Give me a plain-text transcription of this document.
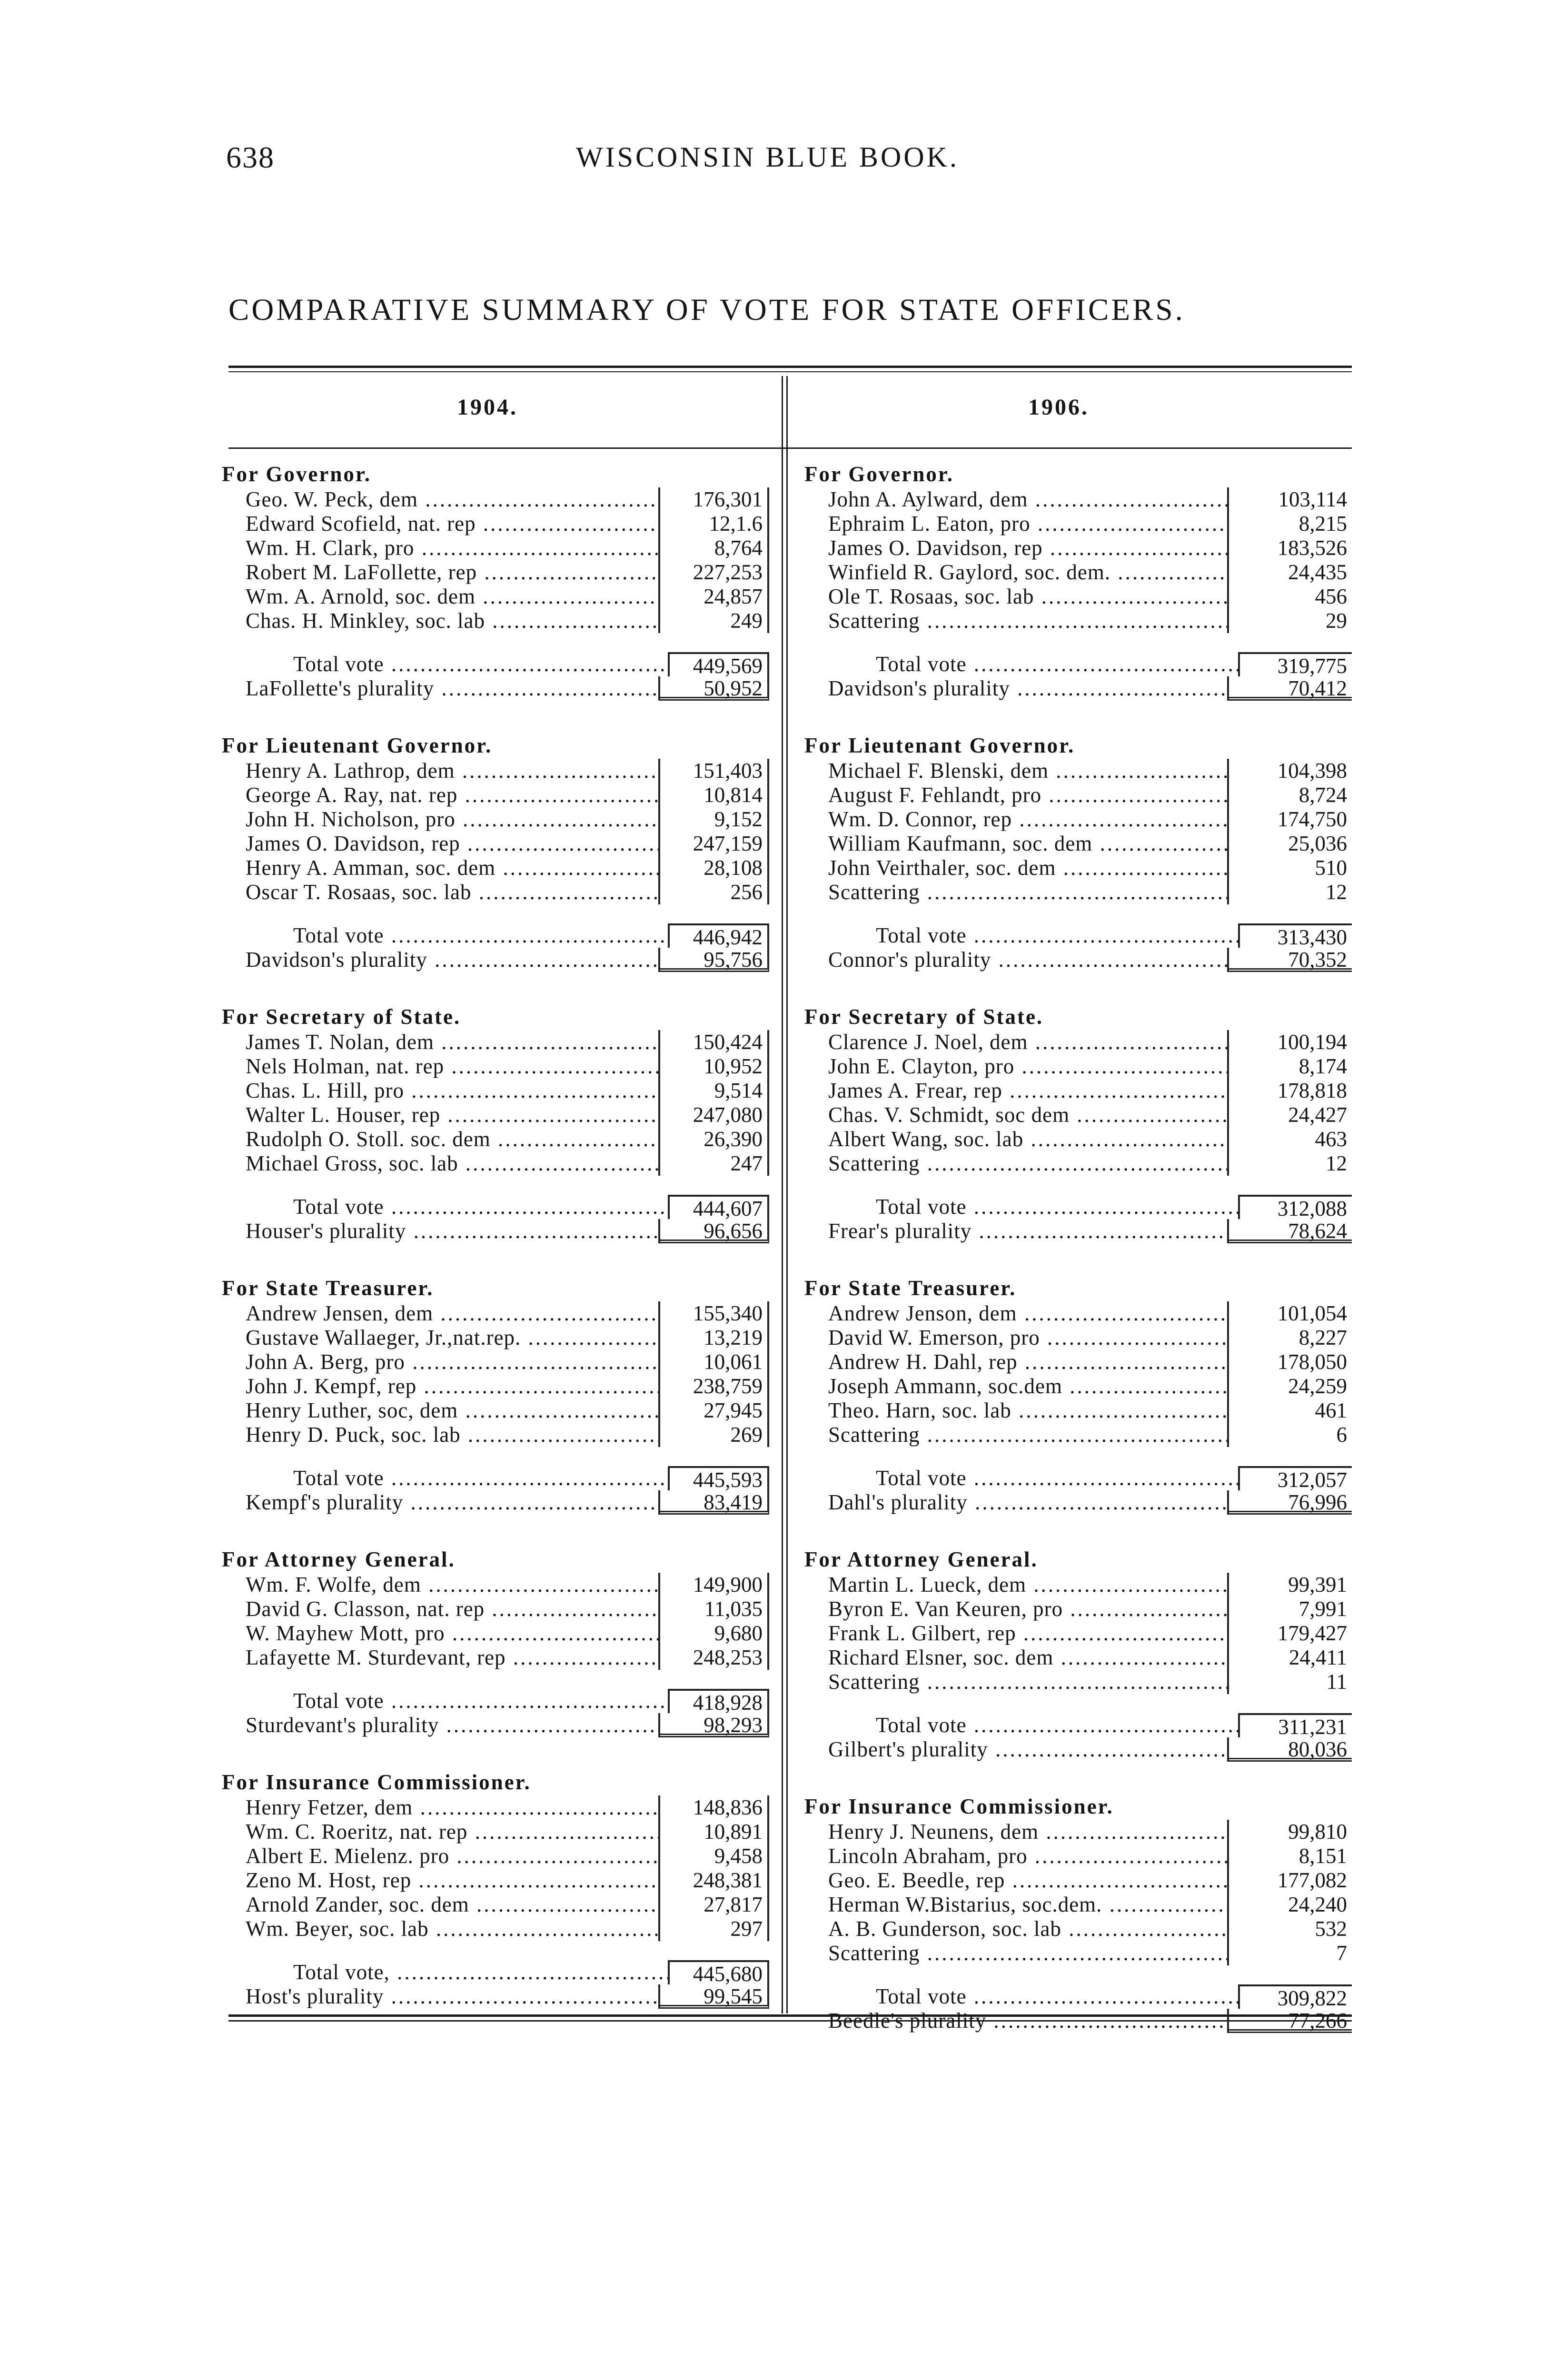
638	WISCONSIN BLUE BOOK.
COMPARATIVE SUMMARY OF VOTE FOR STATE OFFICERS.
1904.	1906.
For Governor.
Geo. W. Peck, dem .....	176,301
Edward Scofield, nat. rep .....	12,1.6
Wm. H. Clark, pro .....	8,764
Robert M. LaFollette, rep .....	227,253
Wm. A. Arnold, soc. dem .....	24,857
Chas. H. Minkley, soc. lab .....	249
Total vote .....	449,569
LaFollette's plurality .....	50,952
For Lieutenant Governor.
Henry A. Lathrop, dem .....	151,403
George A. Ray, nat. rep .....	10,814
John H. Nicholson, pro .....	9,152
James O. Davidson, rep .....	247,159
Henry A. Amman, soc. dem .....	28,108
Oscar T. Rosaas, soc. lab .....	256
Total vote .....	446,942
Davidson's plurality .....	95,756
For Secretary of State.
James T. Nolan, dem .....	150,424
Nels Holman, nat. rep .....	10,952
Chas. L. Hill, pro .....	9,514
Walter L. Houser, rep .....	247,080
Rudolph O. Stoll. soc. dem .....	26,390
Michael Gross, soc. lab .....	247
Total vote .....	444,607
Houser's plurality .....	96,656
For State Treasurer.
Andrew Jensen, dem .....	155,340
Gustave Wallaeger, Jr.,nat.rep. .....	13,219
John A. Berg, pro .....	10,061
John J. Kempf, rep .....	238,759
Henry Luther, soc, dem .....	27,945
Henry D. Puck, soc. lab .....	269
Total vote .....	445,593
Kempf's plurality .....	83,419
For Attorney General.
Wm. F. Wolfe, dem .....	149,900
David G. Classon, nat. rep .....	11,035
W. Mayhew Mott, pro .....	9,680
Lafayette M. Sturdevant, rep .....	248,253
Total vote .....	418,928
Sturdevant's plurality .....	98,293
For Insurance Commissioner.
Henry Fetzer, dem .....	148,836
Wm. C. Roeritz, nat. rep .....	10,891
Albert E. Mielenz. pro .....	9,458
Zeno M. Host, rep .....	248,381
Arnold Zander, soc. dem .....	27,817
Wm. Beyer, soc. lab .....	297
Total vote, .....	445,680
Host's plurality .....	99,545
For Governor.
John A. Aylward, dem .....	103,114
Ephraim L. Eaton, pro .....	8,215
James O. Davidson, rep .....	183,526
Winfield R. Gaylord, soc. dem. .....	24,435
Ole T. Rosaas, soc. lab .....	456
Scattering .....	29
Total vote .....	319,775
Davidson's plurality .....	70,412
For Lieutenant Governor.
Michael F. Blenski, dem .....	104,398
August F. Fehlandt, pro .....	8,724
Wm. D. Connor, rep .....	174,750
William Kaufmann, soc. dem .....	25,036
John Veirthaler, soc. dem .....	510
Scattering .....	12
Total vote .....	313,430
Connor's plurality .....	70,352
For Secretary of State.
Clarence J. Noel, dem .....	100,194
John E. Clayton, pro .....	8,174
James A. Frear, rep .....	178,818
Chas. V. Schmidt, soc dem .....	24,427
Albert Wang, soc. lab .....	463
Scattering .....	12
Total vote .....	312,088
Frear's plurality .....	78,624
For State Treasurer.
Andrew Jenson, dem .....	101,054
David W. Emerson, pro .....	8,227
Andrew H. Dahl, rep .....	178,050
Joseph Ammann, soc.dem .....	24,259
Theo. Harn, soc. lab .....	461
Scattering .....	6
Total vote .....	312,057
Dahl's plurality .....	76,996
For Attorney General.
Martin L. Lueck, dem .....	99,391
Byron E. Van Keuren, pro .....	7,991
Frank L. Gilbert, rep .....	179,427
Richard Elsner, soc. dem .....	24,411
Scattering .....	11
Total vote .....	311,231
Gilbert's plurality .....	80,036
For Insurance Commissioner.
Henry J. Neunens, dem .....	99,810
Lincoln Abraham, pro .....	8,151
Geo. E. Beedle, rep .....	177,082
Herman W.Bistarius, soc.dem. .....	24,240
A. B. Gunderson, soc. lab .....	532
Scattering .....	7
Total vote .....	309,822
Beedle's plurality .....	77,266
